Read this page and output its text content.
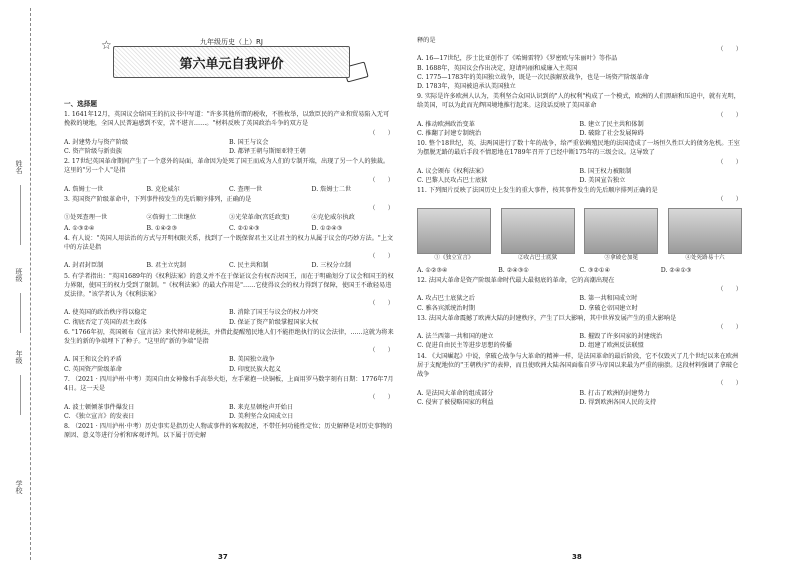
姓名
班级
年级
学校
☆	九年级历史（上）RJ
第六单元自我评价
一、选择题
1. 1641年12月，英国议会给国王的抗议书中写道："许多其他所谓的税收，不胜枚举，以致臣民的产业和贸易陷入无可挽救的境地，全国人民普遍感到不安，苦不堪言……。"材料反映了英国政治斗争的双方是
（　　）
A. 封建势力与资产阶级	B. 国王与议会
C. 资产阶级与新贵族	D. 都铎王朝与斯图亚特王朝
2. 17世纪英国革命期间产生了一个意外的局面，革命因为处死了国王而成为人们的专制开端，出现了另一个人的独裁。这里的"另一个人"是指
（　　）
A. 詹姆士一世	B. 克伦威尔	C. 查理一世	D. 詹姆士二世
3. 英国资产阶级革命中，下列事件按发生的先后顺序排列，正确的是
（　　）
①处死查理一世	②詹姆士二世继位	③光荣革命(宫廷政变)	④克伦威尔执政
A. ①③②④	B. ①④②③	C. ②①④③	D. ①②④③
4. 有人说："英国人用法治的方式与开明权限关系，找到了一个既保留君主又让君主的权力从属于议会的巧妙方法。"上文中的方法是指
（　　）
A. 封君封臣制	B. 君主立宪制	C. 民主共和制	D. 三权分立制
5. 有学者指出："英国1689年的《权利法案》的意义并不在于保证议会有权否决国王，而在于明确划分了议会和国王的权力界限，使国王的权力受到了限制。"《权利法案》的最大作用是"……它使得议会的权力得到了保障，使国王不敢轻易违反法律。"该学者认为《权利法案》
（　　）
A. 使英国的政治秩序得以稳定	B. 消除了国王与议会的权力冲突
C. 彻底否定了英国的君主政体	D. 保证了资产阶级掌握国家大权
6. "1766年初，英国颁布《宣言法》来代替印花税法，并借此提醒殖民地人们不能拒绝执行的议会法律，……这就为将来发生的新的争端埋下了种子。"这里的"新的争端"是指
（　　）
A. 国王和议会的矛盾	B. 美国独立战争
C. 英国资产阶级革命	D. 印度民族大起义
7. （2021 · 四川泸州·中考）美国自由女神像右手高举火炬，左手紧抱一块铜板，上面用罗马数字刻有日期：1776年7月4日。这一天是
（　　）
A. 波士顿倾茶事件爆发日	B. 来克星顿枪声开始日
C. 《独立宣言》的发表日	D. 美利坚合众国成立日
8. （2021 · 四川泸州·中考）历史事实是指历史人物或事件的客观叙述，不带任何功能性定位；历史解释是对历史事物的原因、意义等进行分析和客观评判。以下属于历史解
释的是
（　　）
A. 16—17世纪，莎士比亚创作了《哈姆雷特》《罗密欧与朱丽叶》等作品
B. 1688年，英国议会作出决定，迎请玛丽和威廉入主英国
C. 1775—1783年的美国独立战争，既是一次民族解放战争，也是一场资产阶级革命
D. 1783年，英国被迫承认美国独立
9. 实际是许多欧洲人认为，美利坚合众国认识到的"人的权利"构成了一个模式，欧洲的人们黑暗和压迫中，就有光明，给美国，可以为此而光辉国境地推行起来。这段话反映了美国革命
（　　）
A. 推动欧洲政治变革	B. 建立了民主共和体制
C. 推翻了封建专制统治	D. 破除了社会发展障碍
10. 整个18世纪，英、法两国进行了数十年的战争，给严重依赖殖民地的法国造成了一场恒久性巨大的债务危机。王室为摆脱无路的最后手段不情愿地在1789年召开了已经中断175年的三级会议。这导致了
（　　）
A. 议会颁布《权利法案》	B. 国王权力被限制
C. 巴黎人民攻占巴士底狱	D. 美国宣告独立
11. 下列图片反映了法国历史上发生的重大事件，按其事件发生的先后顺序排列正确的是
（　　）
①《独立宣言》	②攻占巴士底狱	③拿破仑加冕	④处死路易十六
A. ①②③④	B. ②④③①	C. ③②①④	D. ②④①③
12. 法国大革命是资产阶级革命时代最大最彻底的革命，它的高潮出现在
（　　）
A. 攻占巴士底狱之后	B. 第一共和国成立时
C. 雅各宾派统治时期	D. 拿破仑帝国建立时
13. 法国大革命震撼了欧洲大陆的封建秩序，产生了巨大影响，其中世界发展产生的重大影响是
（　　）
A. 法兰西第一共和国的建立	B. 摧毁了许多国家的封建统治
C. 促进自由民主等进步思想的传播	D. 组建了欧洲反法联盟
14. 《大国崛起》中说，拿破仑战争与大革命的精神一样，是法国革命的最后阶段，它不仅毁灭了几个世纪以来在欧洲居于支配地位的"王朝秩序"的表伸，而且使欧洲大陆各国面临自罗马帝国以来最为严重的崩溃。这段材料强调了拿破仑战争
（　　）
A. 是法国大革命的组成部分	B. 打击了欧洲的封建势力
C. 侵害了被侵略国家的利益	D. 得到欧洲各国人民的支持
37	38
